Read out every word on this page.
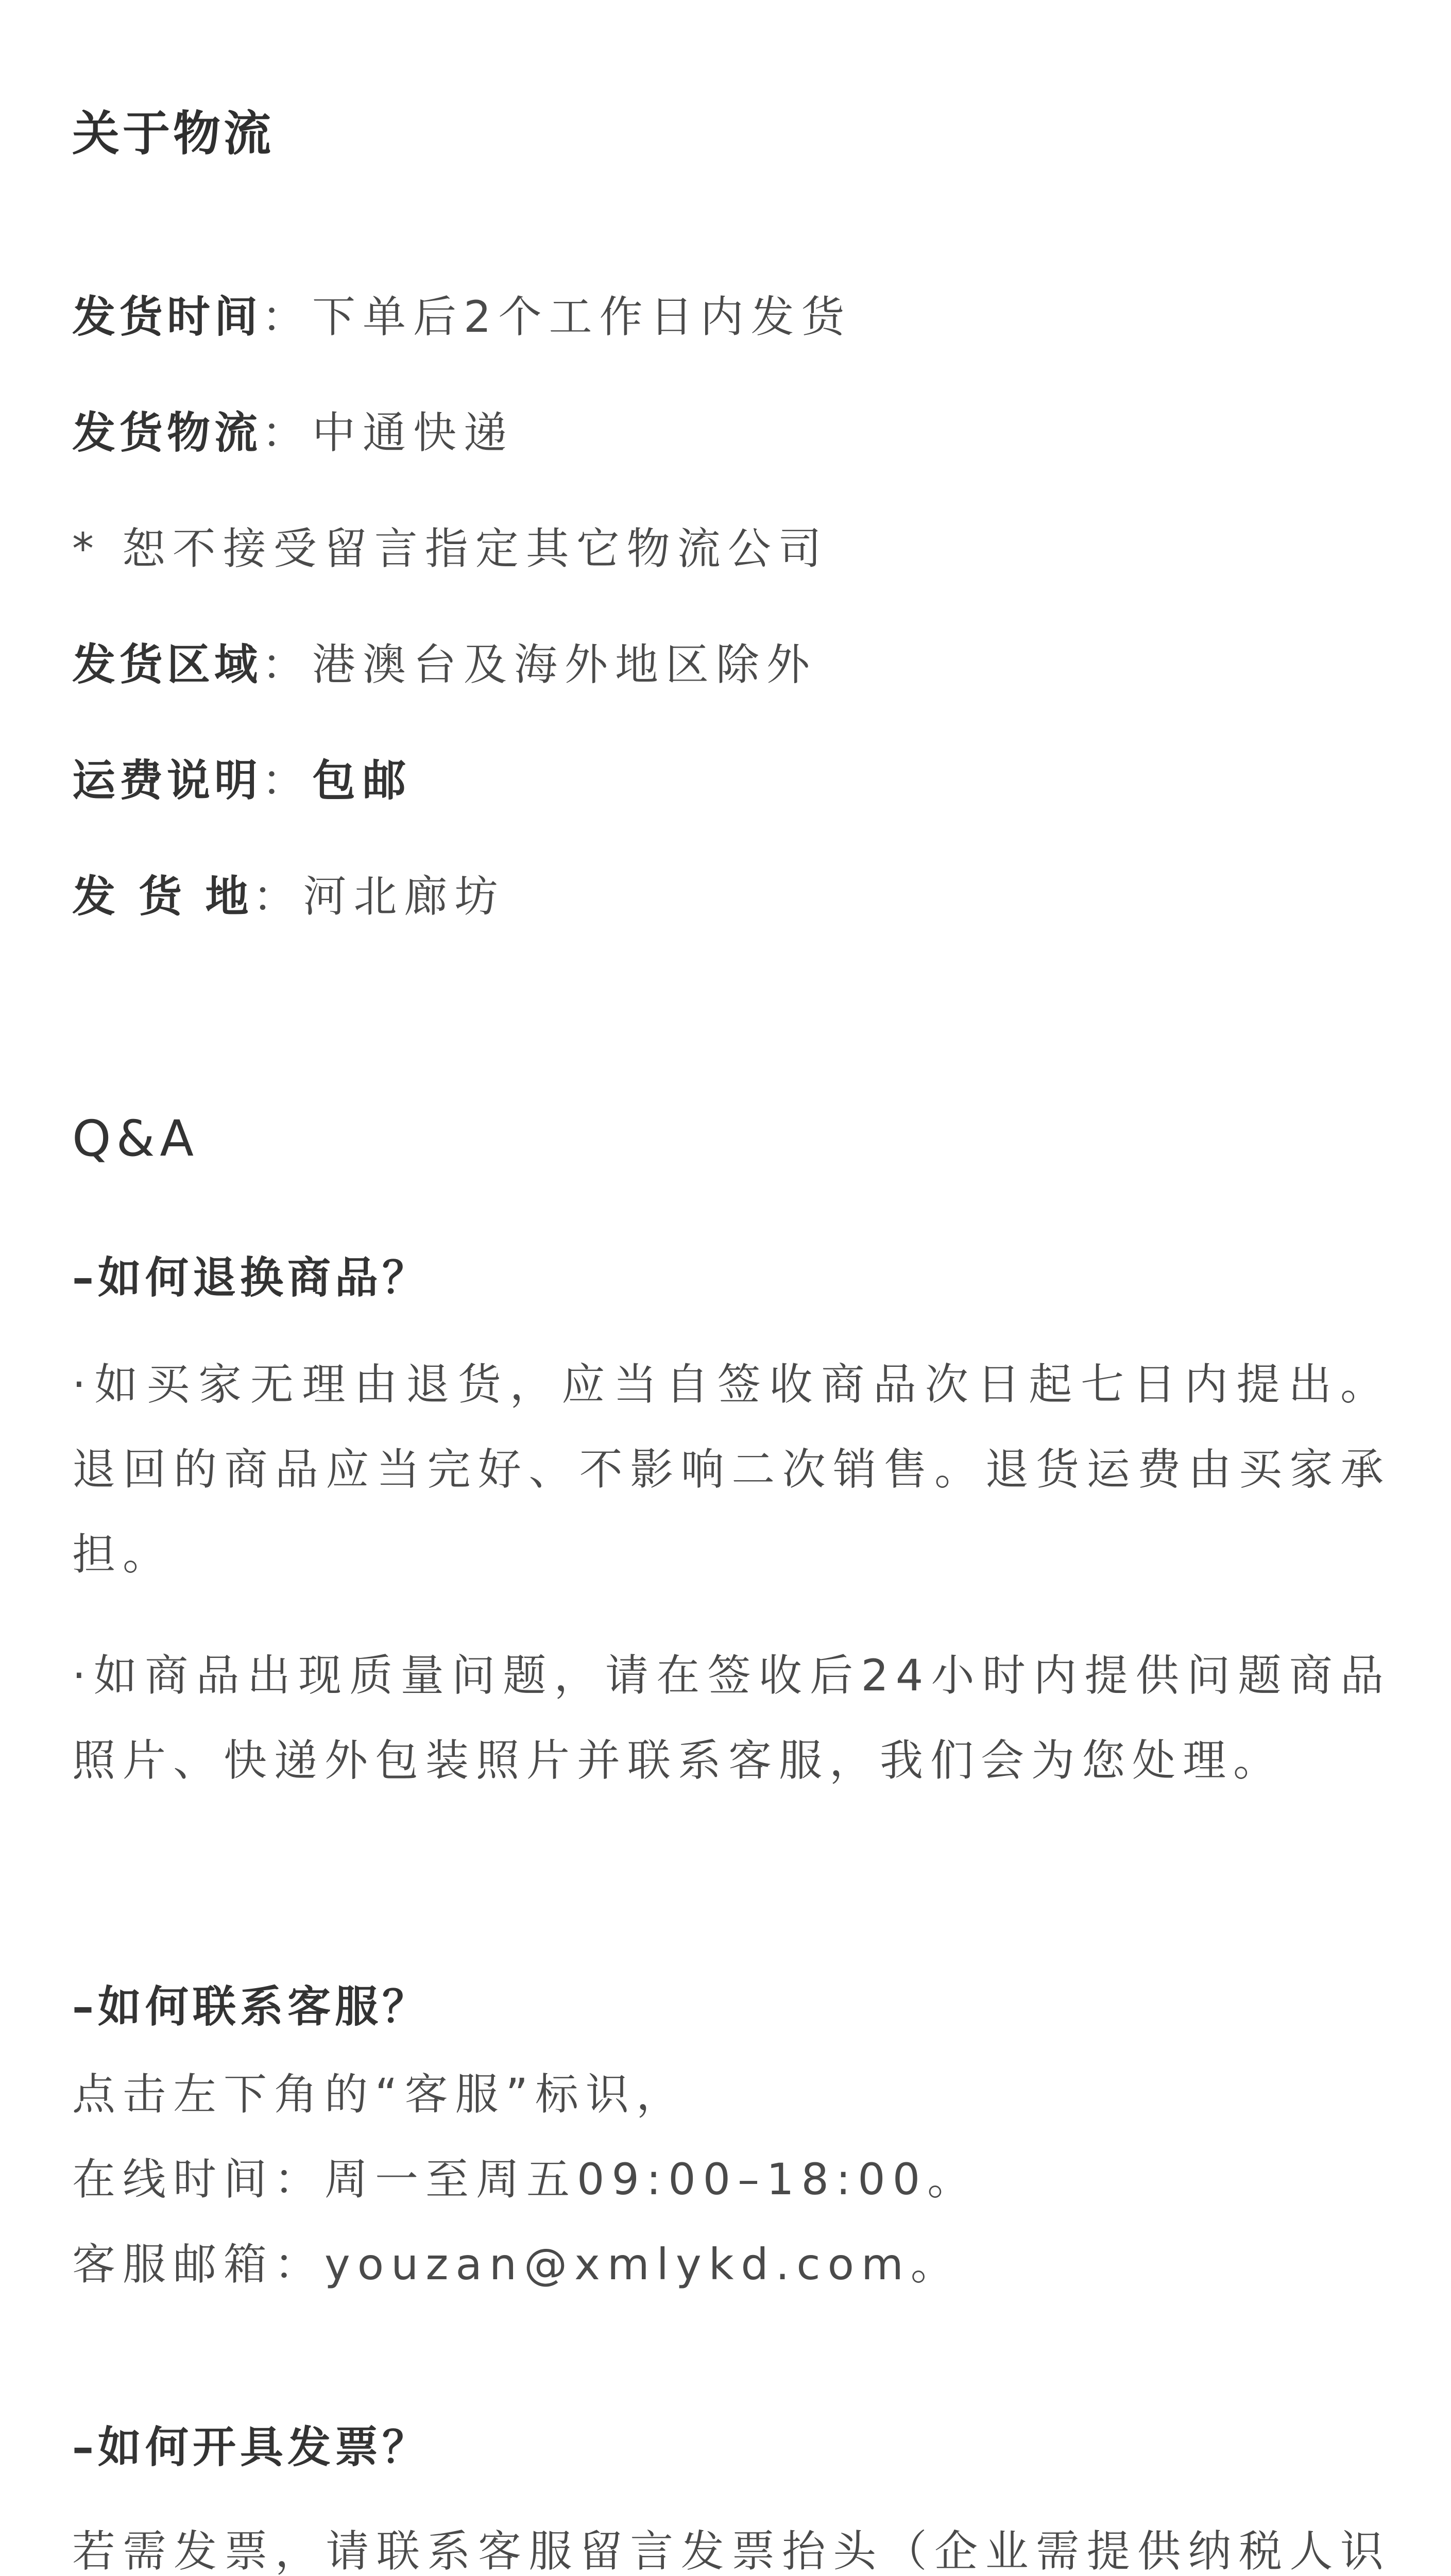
关于物流
发货时间：下单后2个工作日内发货
发货物流：中通快递
* 恕不接受留言指定其它物流公司
发货区域：港澳台及海外地区除外
运费说明：包邮
发 货 地：河北廊坊
Q&A
–如何退换商品？
·如买家无理由退货，应当自签收商品次日起七日内提出。退回的商品应当完好、不影响二次销售。退货运费由买家承担。
·如商品出现质量问题，请在签收后24小时内提供问题商品照片、快递外包装照片并联系客服，我们会为您处理。
–如何联系客服？
点击左下角的“客服”标识，
在线时间：周一至周五09:00–18:00。
客服邮箱：youzan@xmlykd.com。
–如何开具发票？
若需发票，请联系客服留言发票抬头（企业需提供纳税人识
